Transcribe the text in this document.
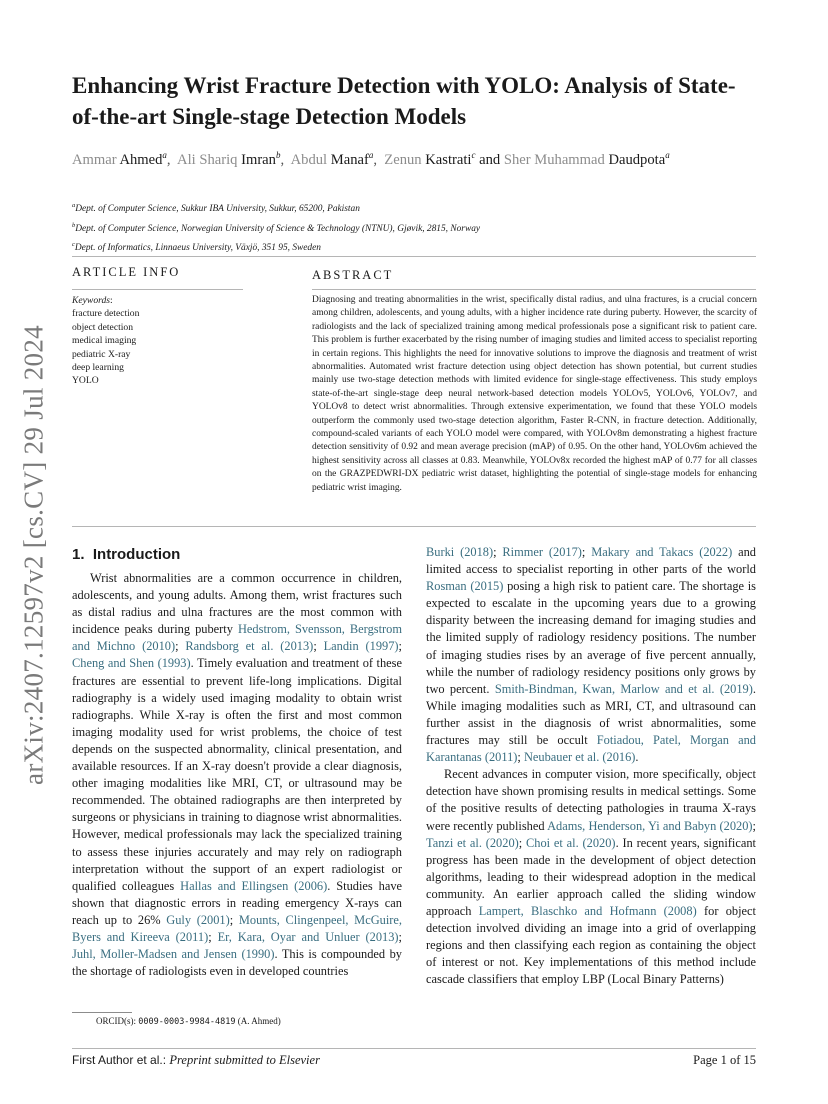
arXiv:2407.12597v2 [cs.CV] 29 Jul 2024
Enhancing Wrist Fracture Detection with YOLO: Analysis of State-of-the-art Single-stage Detection Models
Ammar Ahmed$^a$,  Ali Shariq Imran$^b$,  Abdul Manaf$^a$,  Zenun Kastrati$^c$ and Sher Muhammad Daudpota$^a$
$^a$Dept. of Computer Science, Sukkur IBA University, Sukkur, 65200, Pakistan
$^b$Dept. of Computer Science, Norwegian University of Science & Technology (NTNU), Gjøvik, 2815, Norway
$^c$Dept. of Informatics, Linnaeus University, Växjö, 351 95, Sweden
ARTICLE INFO
Keywords:
fracture detection
object detection
medical imaging
pediatric X-ray
deep learning
YOLO
ABSTRACT

Diagnosing and treating abnormalities in the wrist, specifically distal radius, and ulna fractures, is a crucial concern among children, adolescents, and young adults, with a higher incidence rate during puberty. However, the scarcity of radiologists and the lack of specialized training among medical professionals pose a significant risk to patient care. This problem is further exacerbated by the rising number of imaging studies and limited access to specialist reporting in certain regions. This highlights the need for innovative solutions to improve the diagnosis and treatment of wrist abnormalities. Automated wrist fracture detection using object detection has shown potential, but current studies mainly use two-stage detection methods with limited evidence for single-stage effectiveness. This study employs state-of-the-art single-stage deep neural network-based detection models YOLOv5, YOLOv6, YOLOv7, and YOLOv8 to detect wrist abnormalities. Through extensive experimentation, we found that these YOLO models outperform the commonly used two-stage detection algorithm, Faster R-CNN, in fracture detection. Additionally, compound-scaled variants of each YOLO model were compared, with YOLOv8m demonstrating a highest fracture detection sensitivity of 0.92 and mean average precision (mAP) of 0.95. On the other hand, YOLOv6m achieved the highest sensitivity across all classes at 0.83. Meanwhile, YOLOv8x recorded the highest mAP of 0.77 for all classes on the GRAZPEDWRI-DX pediatric wrist dataset, highlighting the potential of single-stage models for enhancing pediatric wrist imaging.

1. Introduction

Wrist abnormalities are a common occurrence in children, adolescents, and young adults. Among them, wrist fractures such as distal radius and ulna fractures are the most common with incidence peaks during puberty Hedstrom, Svensson, Bergstrom and Michno (2010); Randsborg et al. (2013); Landin (1997); Cheng and Shen (1993). Timely evaluation and treatment of these fractures are essential to prevent life-long implications. Digital radiography is a widely used imaging modality to obtain wrist radiographs. While X-ray is often the first and most common imaging modality used for wrist problems, the choice of test depends on the suspected abnormality, clinical presentation, and available resources. If an X-ray doesn't provide a clear diagnosis, other imaging modalities like MRI, CT, or ultrasound may be recommended. The obtained radiographs are then interpreted by surgeons or physicians in training to diagnose wrist abnormalities. However, medical professionals may lack the specialized training to assess these injuries accurately and may rely on radiograph interpretation without the support of an expert radiologist or qualified colleagues Hallas and Ellingsen (2006). Studies have shown that diagnostic errors in reading emergency X-rays can reach up to 26% Guly (2001); Mounts, Clingenpeel, McGuire, Byers and Kireeva (2011); Er, Kara, Oyar and Unluer (2013); Juhl, Moller-Madsen and Jensen (1990). This is compounded by the shortage of radiologists even in developed countries

Burki (2018); Rimmer (2017); Makary and Takacs (2022) and limited access to specialist reporting in other parts of the world Rosman (2015) posing a high risk to patient care. The shortage is expected to escalate in the upcoming years due to a growing disparity between the increasing demand for imaging studies and the limited supply of radiology residency positions. The number of imaging studies rises by an average of five percent annually, while the number of radiology residency positions only grows by two percent. Smith-Bindman, Kwan, Marlow and et al. (2019). While imaging modalities such as MRI, CT, and ultrasound can further assist in the diagnosis of wrist abnormalities, some fractures may still be occult Fotiadou, Patel, Morgan and Karantanas (2011); Neubauer et al. (2016).

Recent advances in computer vision, more specifically, object detection have shown promising results in medical settings. Some of the positive results of detecting pathologies in trauma X-rays were recently published Adams, Henderson, Yi and Babyn (2020); Tanzi et al. (2020); Choi et al. (2020). In recent years, significant progress has been made in the development of object detection algorithms, leading to their widespread adoption in the medical community. An earlier approach called the sliding window approach Lampert, Blaschko and Hofmann (2008) for object detection involved dividing an image into a grid of overlapping regions and then classifying each region as containing the object of interest or not. Key implementations of this method include cascade classifiers that employ LBP (Local Binary Patterns)

ORCID(s): 0009-0003-9984-4819 (A. Ahmed)
First Author et al.: Preprint submitted to Elsevier	Page 1 of 15
